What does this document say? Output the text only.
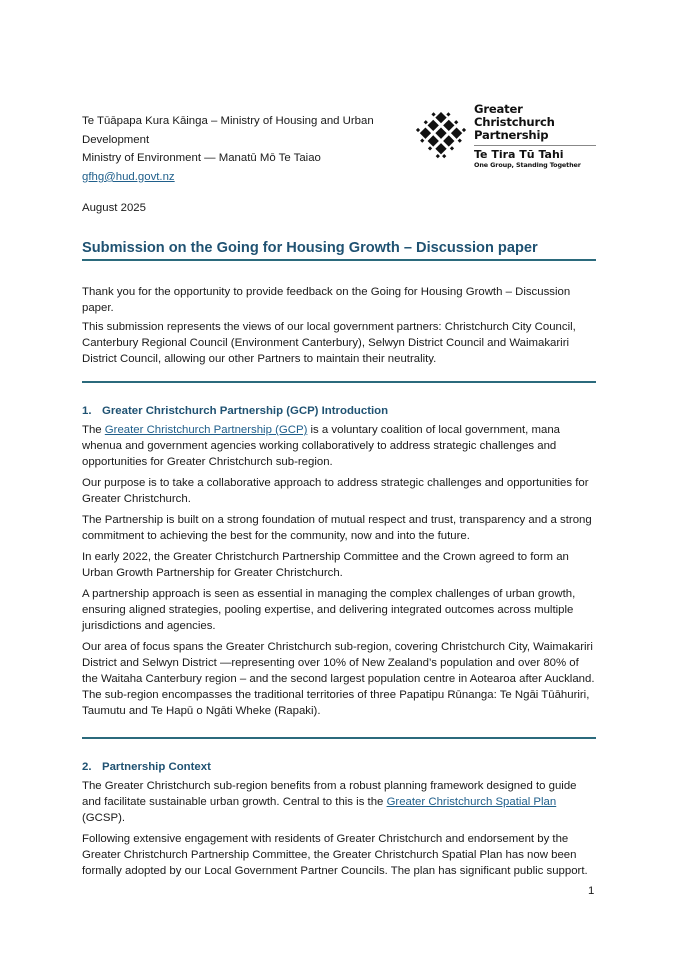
Te Tūāpapa Kura Kāinga – Ministry of Housing and Urban Development
Ministry of Environment — Manatū Mō Te Taiao
gfhg@hud.govt.nz
August 2025
Greater Christchurch
Partnership
Te Tira Tū Tahi
One Group, Standing Together
Submission on the Going for Housing Growth – Discussion paper

Thank you for the opportunity to provide feedback on the Going for Housing Growth – Discussion paper.

This submission represents the views of our local government partners: Christchurch City Council, Canterbury Regional Council (Environment Canterbury), Selwyn District Council and Waimakariri District Council, allowing our other Partners to maintain their neutrality.

1. Greater Christchurch Partnership (GCP) Introduction

The Greater Christchurch Partnership (GCP) is a voluntary coalition of local government, mana whenua and government agencies working collaboratively to address strategic challenges and opportunities for Greater Christchurch sub-region.

Our purpose is to take a collaborative approach to address strategic challenges and opportunities for Greater Christchurch.

The Partnership is built on a strong foundation of mutual respect and trust, transparency and a strong commitment to achieving the best for the community, now and into the future.

In early 2022, the Greater Christchurch Partnership Committee and the Crown agreed to form an Urban Growth Partnership for Greater Christchurch.

A partnership approach is seen as essential in managing the complex challenges of urban growth, ensuring aligned strategies, pooling expertise, and delivering integrated outcomes across multiple jurisdictions and agencies.

Our area of focus spans the Greater Christchurch sub-region, covering Christchurch City, Waimakariri District and Selwyn District —representing over 10% of New Zealand’s population and over 80% of the Waitaha Canterbury region – and the second largest population centre in Aotearoa after Auckland. The sub-region encompasses the traditional territories of three Papatipu Rūnanga: Te Ngāi Tūāhuriri, Taumutu and Te Hapū o Ngāti Wheke (Rapaki).

2. Partnership Context

The Greater Christchurch sub-region benefits from a robust planning framework designed to guide and facilitate sustainable urban growth. Central to this is the Greater Christchurch Spatial Plan (GCSP).

Following extensive engagement with residents of Greater Christchurch and endorsement by the Greater Christchurch Partnership Committee, the Greater Christchurch Spatial Plan has now been formally adopted by our Local Government Partner Councils. The plan has significant public support.

1
